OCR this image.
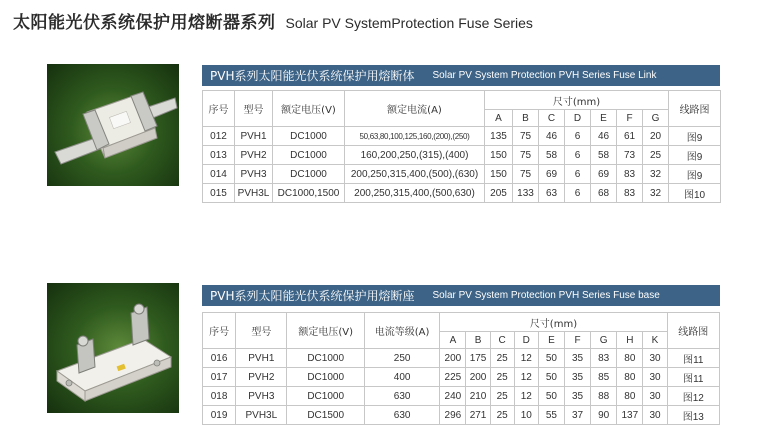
太阳能光伏系统保护用熔断器系列 Solar PV SystemProtection Fuse Series
PVH系列太阳能光伏系统保护用熔断体 Solar PV System Protection PVH Series Fuse Link
序号	型号	额定电压(V)	额定电流(A)	尺寸(mm)							线路图
				A	B	C	D	E	F	G	
012	PVH1	DC1000	50,63,80,100,125,160,(200),(250)	135	75	46	6	46	61	20	图9
013	PVH2	DC1000	160,200,250,(315),(400)	150	75	58	6	58	73	25	图9
014	PVH3	DC1000	200,250,315,400,(500),(630)	150	75	69	6	69	83	32	图9
015	PVH3L	DC1000,1500	200,250,315,400,(500,630)	205	133	63	6	68	83	32	图10
PVH系列太阳能光伏系统保护用熔断座 Solar PV System Protection PVH Series Fuse base
序号	型号	额定电压(V)	电流等级(A)	尺寸(mm)									线路图
				A	B	C	D	E	F	G	H	K	
016	PVH1	DC1000	250	200	175	25	12	50	35	83	80	30	图11
017	PVH2	DC1000	400	225	200	25	12	50	35	85	80	30	图11
018	PVH3	DC1000	630	240	210	25	12	50	35	88	80	30	图12
019	PVH3L	DC1500	630	296	271	25	10	55	37	90	137	30	图13
